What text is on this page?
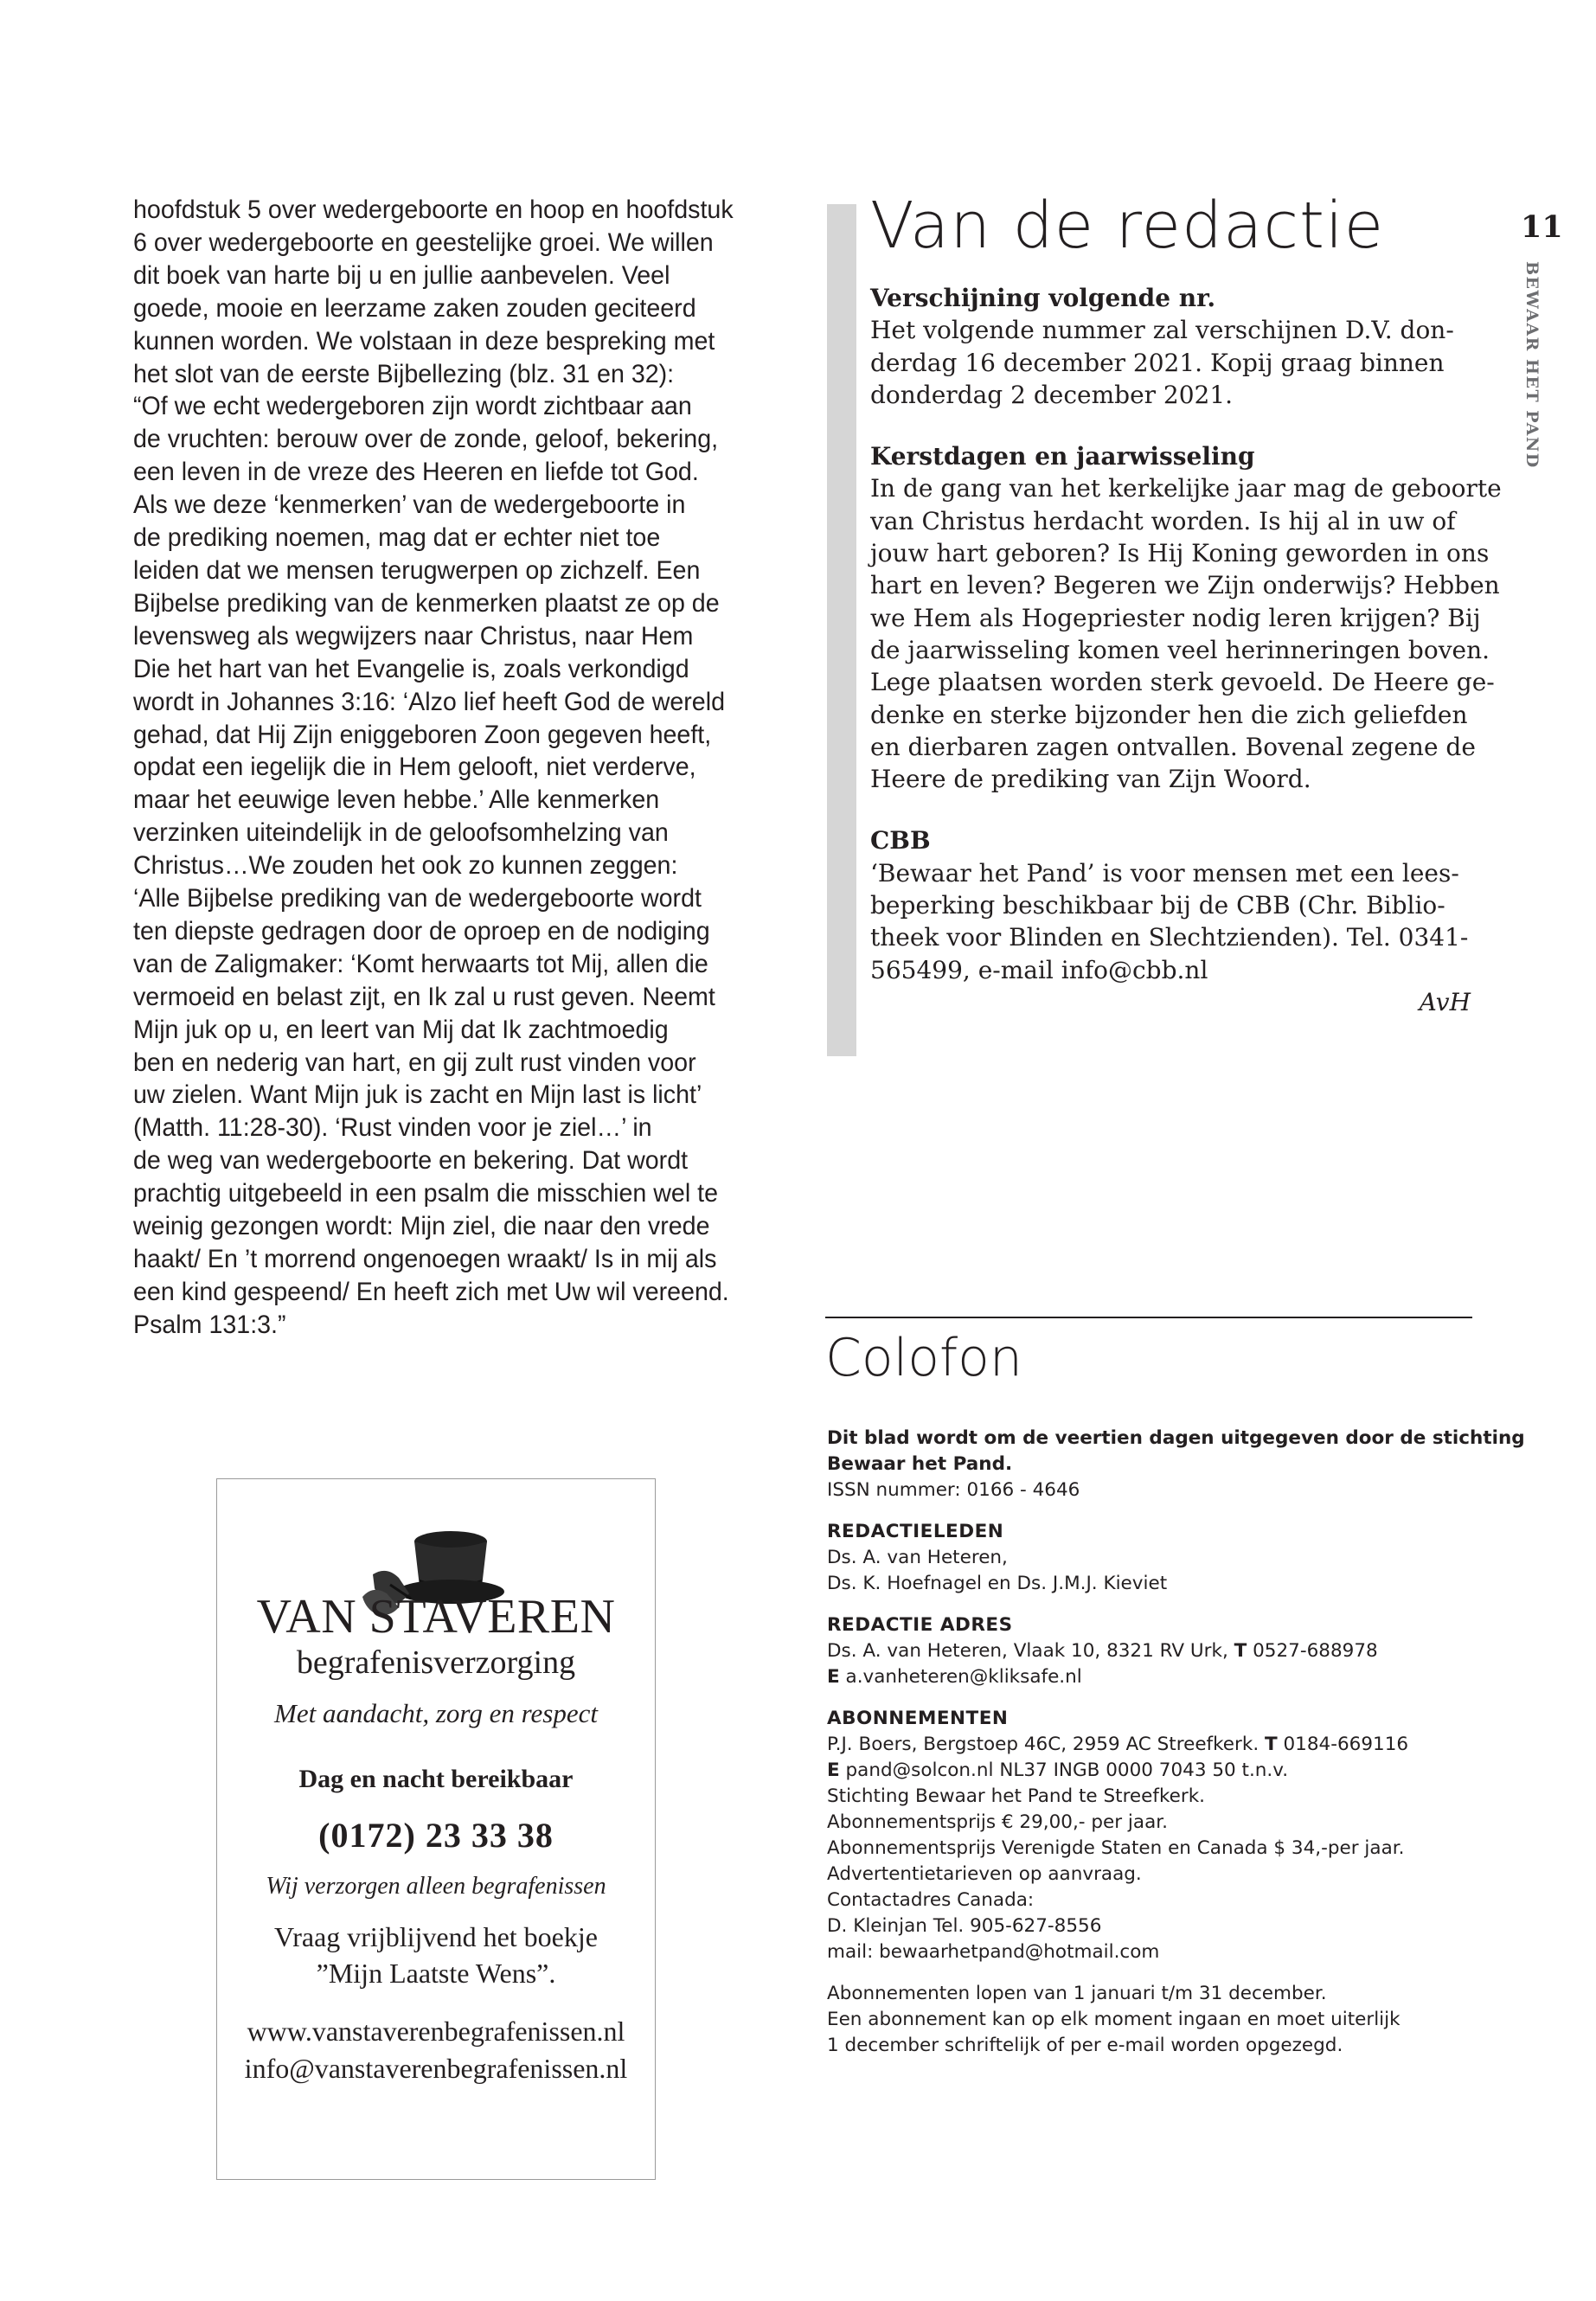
hoofdstuk 5 over wedergeboorte en hoop en hoofdstuk
6 over wedergeboorte en geestelijke groei. We willen
dit boek van harte bij u en jullie aanbevelen. Veel
goede, mooie en leerzame zaken zouden geciteerd
kunnen worden. We volstaan in deze bespreking met
het slot van de eerste Bijbellezing (blz. 31 en 32):
“Of we echt wedergeboren zijn wordt zichtbaar aan
de vruchten: berouw over de zonde, geloof, bekering,
een leven in de vreze des Heeren en liefde tot God.
Als we deze ‘kenmerken’ van de wedergeboorte in
de prediking noemen, mag dat er echter niet toe
leiden dat we mensen terugwerpen op zichzelf. Een
Bijbelse prediking van de kenmerken plaatst ze op de
levensweg als wegwijzers naar Christus, naar Hem
Die het hart van het Evangelie is, zoals verkondigd
wordt in Johannes 3:16: ‘Alzo lief heeft God de wereld
gehad, dat Hij Zijn eniggeboren Zoon gegeven heeft,
opdat een iegelijk die in Hem gelooft, niet verderve,
maar het eeuwige leven hebbe.’ Alle kenmerken
verzinken uiteindelijk in de geloofsomhelzing van
Christus…We zouden het ook zo kunnen zeggen:
‘Alle Bijbelse prediking van de wedergeboorte wordt
ten diepste gedragen door de oproep en de nodiging
van de Zaligmaker: ‘Komt herwaarts tot Mij, allen die
vermoeid en belast zijt, en Ik zal u rust geven. Neemt
Mijn juk op u, en leert van Mij dat Ik zachtmoedig
ben en nederig van hart, en gij zult rust vinden voor
uw zielen. Want Mijn juk is zacht en Mijn last is licht’
(Matth. 11:28-30). ‘Rust vinden voor je ziel…’ in
de weg van wedergeboorte en bekering. Dat wordt
prachtig uitgebeeld in een psalm die misschien wel te
weinig gezongen wordt: Mijn ziel, die naar den vrede
haakt/ En ’t morrend ongenoegen wraakt/ Is in mij als
een kind gespeend/ En heeft zich met Uw wil vereend.
Psalm 131:3.”
Van de redactie
Verschijning volgende nr.

Het volgende nummer zal verschijnen D.V. don-
derdag 16 december 2021. Kopij graag binnen
donderdag 2 december 2021.

Kerstdagen en jaarwisseling

In de gang van het kerkelijke jaar mag de geboorte
van Christus herdacht worden. Is hij al in uw of
jouw hart geboren? Is Hij Koning geworden in ons
hart en leven? Begeren we Zijn onderwijs? Hebben
we Hem als Hogepriester nodig leren krijgen? Bij
de jaarwisseling komen veel herinneringen boven.
Lege plaatsen worden sterk gevoeld. De Heere ge-
denke en sterke bijzonder hen die zich geliefden
en dierbaren zagen ontvallen. Bovenal zegene de
Heere de prediking van Zijn Woord.

CBB

‘Bewaar het Pand’ is voor mensen met een lees-
beperking beschikbaar bij de CBB (Chr. Biblio-
theek voor Blinden en Slechtzienden). Tel. 0341-
565499, e-mail info@cbb.nl

AvH
11
BEWAAR HET PAND
Colofon
Dit blad wordt om de veertien dagen uitgegeven door de stichting
Bewaar het Pand.
ISSN nummer: 0166 - 4646
REDACTIELEDEN
Ds. A. van Heteren,
Ds. K. Hoefnagel en Ds. J.M.J. Kieviet
REDACTIE ADRES
Ds. A. van Heteren, Vlaak 10, 8321 RV Urk, T 0527-688978
E a.vanheteren@kliksafe.nl
ABONNEMENTEN
P.J. Boers, Bergstoep 46C, 2959 AC Streefkerk. T 0184-669116
E pand@solcon.nl NL37 INGB 0000 7043 50 t.n.v.
Stichting Bewaar het Pand te Streefkerk.
Abonnementsprijs € 29,00,- per jaar.
Abonnementsprijs Verenigde Staten en Canada $ 34,-per jaar.
Advertentietarieven op aanvraag.
Contactadres Canada:
D. Kleinjan Tel. 905-627-8556
mail: bewaarhetpand@hotmail.com
Abonnementen lopen van 1 januari t/m 31 december.
Een abonnement kan op elk moment ingaan en moet uiterlijk
1 december schriftelijk of per e-mail worden opgezegd.
VAN STAVEREN
begrafenisverzorging
Met aandacht, zorg en respect
Dag en nacht bereikbaar
(0172) 23 33 38
Wij verzorgen alleen begrafenissen
Vraag vrijblijvend het boekje
”Mijn Laatste Wens”.
www.vanstaverenbegrafenissen.nl
info@vanstaverenbegrafenissen.nl
